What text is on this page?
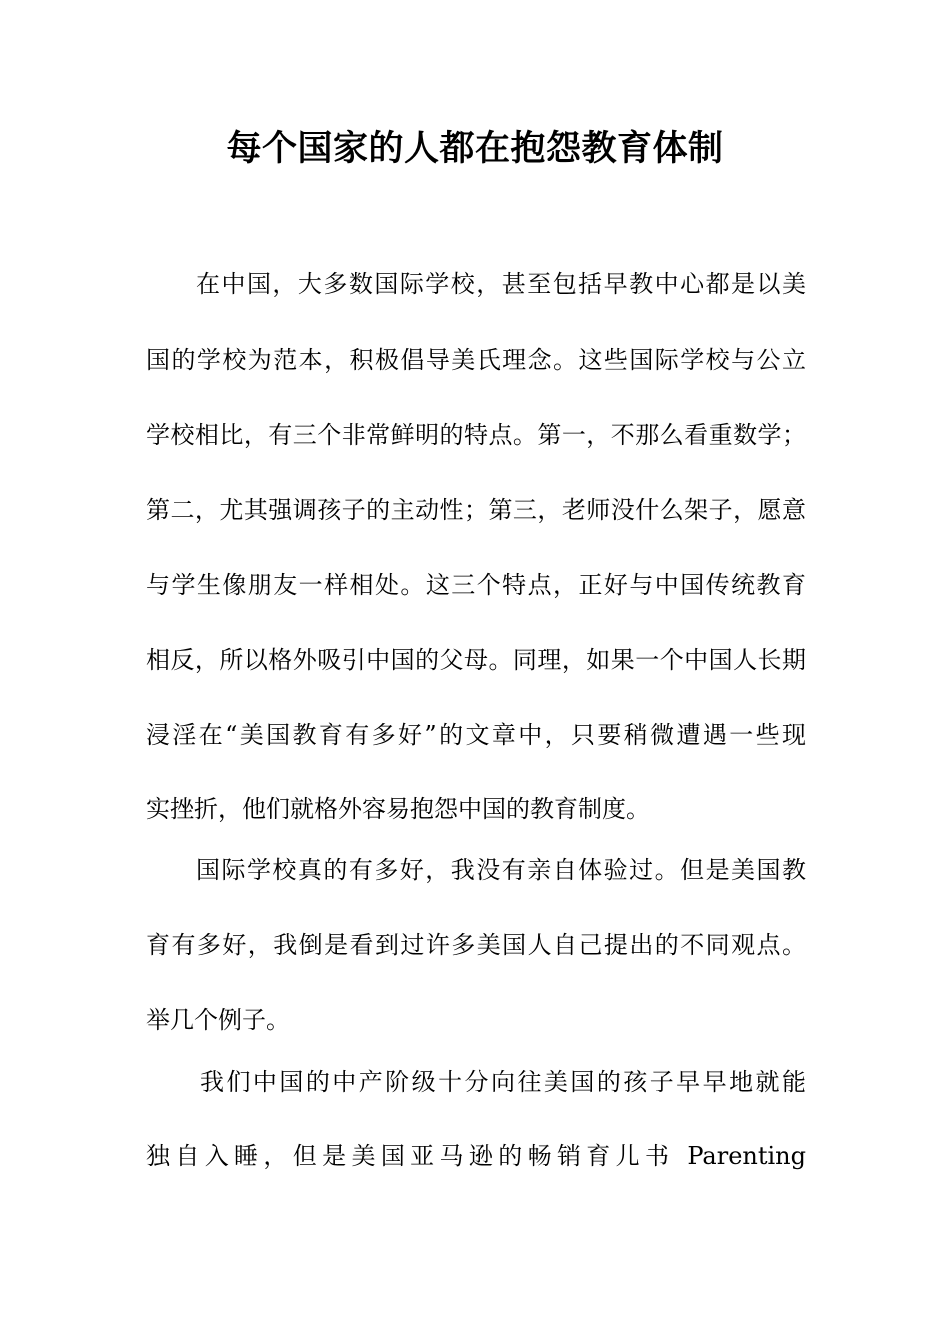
每个国家的人都在抱怨教育体制
在中国，大多数国际学校，甚至包括早教中心都是以美
国的学校为范本，积极倡导美氏理念。这些国际学校与公立
学校相比，有三个非常鲜明的特点。第一，不那么看重数学；
第二，尤其强调孩子的主动性；第三，老师没什么架子，愿意
与学生像朋友一样相处。这三个特点，正好与中国传统教育
相反，所以格外吸引中国的父母。同理，如果一个中国人长期
浸淫在“美国教育有多好”的文章中，只要稍微遭遇一些现
实挫折，他们就格外容易抱怨中国的教育制度。
国际学校真的有多好，我没有亲自体验过。但是美国教
育有多好，我倒是看到过许多美国人自己提出的不同观点。
举几个例子。
我们中国的中产阶级十分向往美国的孩子早早地就能
独自入睡，但是美国亚马逊的畅销育儿书 Parenting
